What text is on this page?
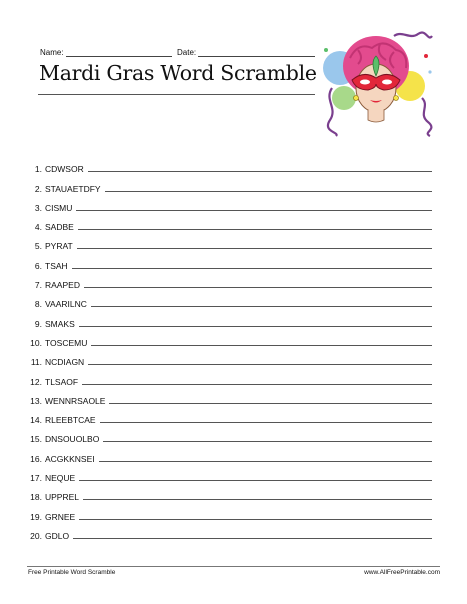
Name:	Date:
Mardi Gras Word Scramble
1. CDWSOR
2. STAUAETDFY
3. CISMU
4. SADBE
5. PYRAT
6. TSAH
7. RAAPED
8. VAARILNC
9. SMAKS
10. TOSCEMU
11. NCDIAGN
12. TLSAOF
13. WENNRSAOLE
14. RLEEBTCAE
15. DNSOUOLBO
16. ACGKKNSEI
17. NEQUE
18. UPPREL
19. GRNEE
20. GDLO
Free Printable Word Scramble	www.AllFreePrintable.com
